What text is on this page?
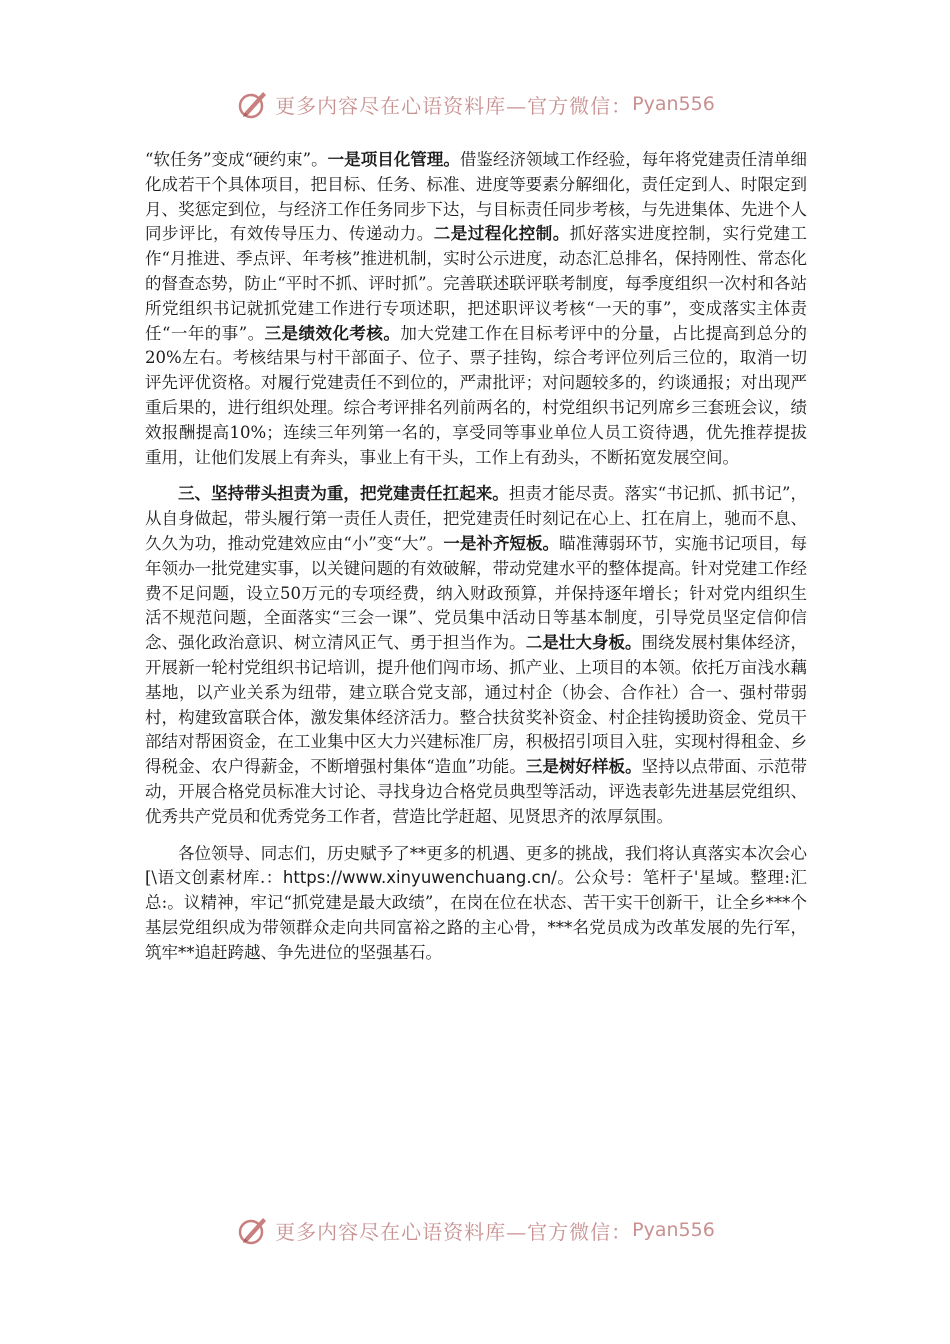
更多内容尽在心语资料库—官方微信： Pyan556

“软任务”变成“硬约束”。一是项目化管理。借鉴经济领域工作经验，每年将党建责任清单细化成若干个具体项目，把目标、任务、标准、进度等要素分解细化，责任定到人、时限定到月、奖惩定到位，与经济工作任务同步下达，与目标责任同步考核，与先进集体、先进个人同步评比，有效传导压力、传递动力。二是过程化控制。抓好落实进度控制，实行党建工作“月推进、季点评、年考核”推进机制，实时公示进度，动态汇总排名，保持刚性、常态化的督查态势，防止“平时不抓、评时抓”。完善联述联评联考制度，每季度组织一次村和各站所党组织书记就抓党建工作进行专项述职，把述职评议考核“一天的事”，变成落实主体责任“一年的事”。三是绩效化考核。加大党建工作在目标考评中的分量，占比提高到总分的20%左右。考核结果与村干部面子、位子、票子挂钩，综合考评位列后三位的，取消一切评先评优资格。对履行党建责任不到位的，严肃批评；对问题较多的，约谈通报；对出现严重后果的，进行组织处理。综合考评排名列前两名的，村党组织书记列席乡三套班会议，绩效报酬提高10%；连续三年列第一名的，享受同等事业单位人员工资待遇，优先推荐提拔重用，让他们发展上有奔头，事业上有干头，工作上有劲头，不断拓宽发展空间。

三、坚持带头担责为重，把党建责任扛起来。担责才能尽责。落实“书记抓、抓书记”，从自身做起，带头履行第一责任人责任，把党建责任时刻记在心上、扛在肩上，驰而不息、久久为功，推动党建效应由“小”变“大”。一是补齐短板。瞄准薄弱环节，实施书记项目，每年领办一批党建实事，以关键问题的有效破解，带动党建水平的整体提高。针对党建工作经费不足问题，设立50万元的专项经费，纳入财政预算，并保持逐年增长；针对党内组织生活不规范问题，全面落实“三会一课”、党员集中活动日等基本制度，引导党员坚定信仰信念、强化政治意识、树立清风正气、勇于担当作为。二是壮大身板。围绕发展村集体经济，开展新一轮村党组织书记培训，提升他们闯市场、抓产业、上项目的本领。依托万亩浅水藕基地，以产业关系为纽带，建立联合党支部，通过村企（协会、合作社）合一、强村带弱村，构建致富联合体，激发集体经济活力。整合扶贫奖补资金、村企挂钩援助资金、党员干部结对帮困资金，在工业集中区大力兴建标准厂房，积极招引项目入驻，实现村得租金、乡得税金、农户得薪金，不断增强村集体“造血”功能。三是树好样板。坚持以点带面、示范带动，开展合格党员标准大讨论、寻找身边合格党员典型等活动，评选表彰先进基层党组织、优秀共产党员和优秀党务工作者，营造比学赶超、见贤思齐的浓厚氛围。

各位领导、同志们，历史赋予了**更多的机遇、更多的挑战，我们将认真落实本次会心[\语文创素材库.：https://www.xinyuwenchuang.cn/。公众号：笔杆子'星域。整理:汇总:。议精神，牢记“抓党建是最大政绩”，在岗在位在状态、苦干实干创新干，让全乡***个基层党组织成为带领群众走向共同富裕之路的主心骨，***名党员成为改革发展的先行军，筑牢**追赶跨越、争先进位的坚强基石。

更多内容尽在心语资料库—官方微信： Pyan556
